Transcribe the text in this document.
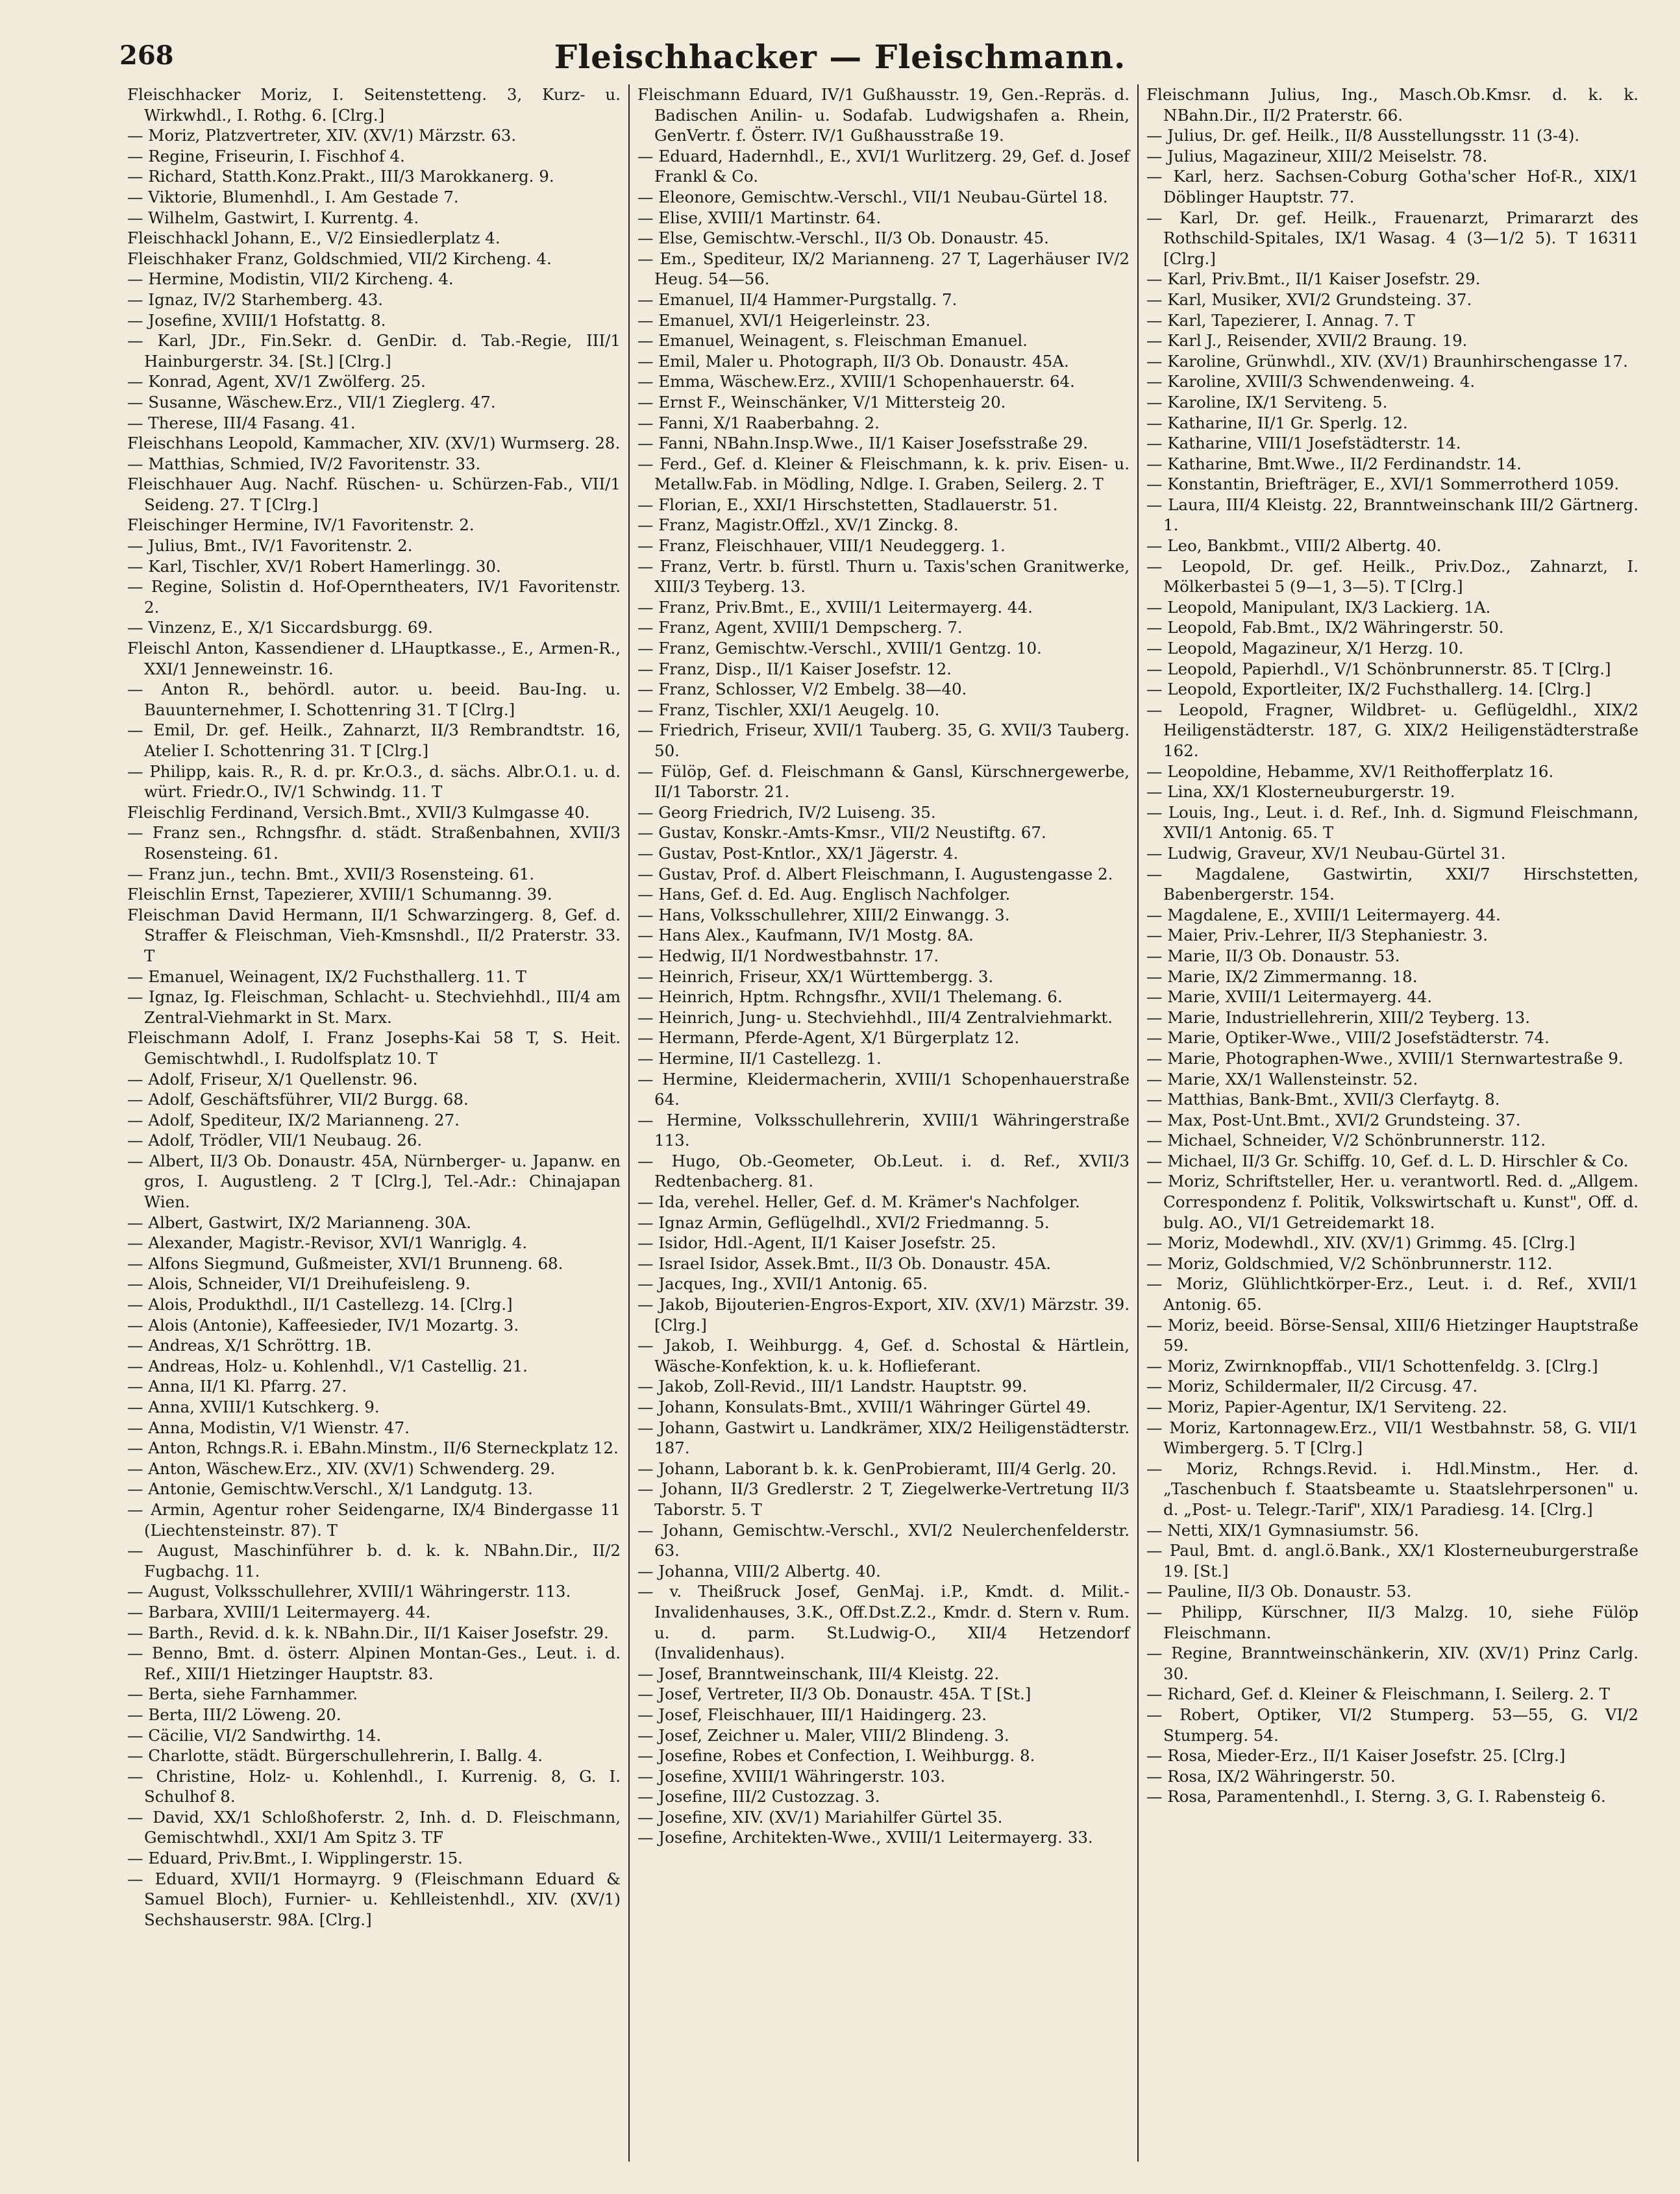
268	Fleischhacker — Fleischmann.
Fleischhacker Moriz, I. Seitenstetteng. 3, Kurz- u. Wirkwhdl., I. Rothg. 6. [Clrg.]
— Moriz, Platzvertreter, XIV. (XV/1) Märzstr. 63.
— Regine, Friseurin, I. Fischhof 4.
— Richard, Statth.Konz.Prakt., III/3 Marokkanerg. 9.
— Viktorie, Blumenhdl., I. Am Gestade 7.
— Wilhelm, Gastwirt, I. Kurrentg. 4.
Fleischhackl Johann, E., V/2 Einsiedlerplatz 4.
Fleischhaker Franz, Goldschmied, VII/2 Kircheng. 4.
— Hermine, Modistin, VII/2 Kircheng. 4.
— Ignaz, IV/2 Starhemberg. 43.
— Josefine, XVIII/1 Hofstattg. 8.
— Karl, JDr., Fin.Sekr. d. GenDir. d. Tab.-Regie, III/1 Hainburgerstr. 34. [St.] [Clrg.]
— Konrad, Agent, XV/1 Zwölferg. 25.
— Susanne, Wäschew.Erz., VII/1 Zieglerg. 47.
— Therese, III/4 Fasang. 41.
Fleischhans Leopold, Kammacher, XIV. (XV/1) Wurmserg. 28.
— Matthias, Schmied, IV/2 Favoritenstr. 33.
Fleischhauer Aug. Nachf. Rüschen- u. Schürzen-Fab., VII/1 Seideng. 27. T [Clrg.]
Fleischinger Hermine, IV/1 Favoritenstr. 2.
— Julius, Bmt., IV/1 Favoritenstr. 2.
— Karl, Tischler, XV/1 Robert Hamerlingg. 30.
— Regine, Solistin d. Hof-Operntheaters, IV/1 Favoritenstr. 2.
— Vinzenz, E., X/1 Siccardsburgg. 69.
Fleischl Anton, Kassendiener d. LHauptkasse., E., Armen-R., XXI/1 Jenneweinstr. 16.
— Anton R., behördl. autor. u. beeid. Bau-Ing. u. Bauunternehmer, I. Schottenring 31. T [Clrg.]
— Emil, Dr. gef. Heilk., Zahnarzt, II/3 Rembrandtstr. 16, Atelier I. Schottenring 31. T [Clrg.]
— Philipp, kais. R., R. d. pr. Kr.O.3., d. sächs. Albr.O.1. u. d. würt. Friedr.O., IV/1 Schwindg. 11. T
Fleischlig Ferdinand, Versich.Bmt., XVII/3 Kulmgasse 40.
— Franz sen., Rchngsfhr. d. städt. Straßenbahnen, XVII/3 Rosensteing. 61.
— Franz jun., techn. Bmt., XVII/3 Rosensteing. 61.
Fleischlin Ernst, Tapezierer, XVIII/1 Schumanng. 39.
Fleischman David Hermann, II/1 Schwarzingerg. 8, Gef. d. Straffer & Fleischman, Vieh-Kmsnshdl., II/2 Praterstr. 33. T
— Emanuel, Weinagent, IX/2 Fuchsthallerg. 11. T
— Ignaz, Ig. Fleischman, Schlacht- u. Stechviehhdl., III/4 am Zentral-Viehmarkt in St. Marx.
Fleischmann Adolf, I. Franz Josephs-Kai 58 T, S. Heit. Gemischtwhdl., I. Rudolfsplatz 10. T
— Adolf, Friseur, X/1 Quellenstr. 96.
— Adolf, Geschäftsführer, VII/2 Burgg. 68.
— Adolf, Spediteur, IX/2 Marianneng. 27.
— Adolf, Trödler, VII/1 Neubaug. 26.
— Albert, II/3 Ob. Donaustr. 45A, Nürnberger- u. Japanw. en gros, I. Augustleng. 2 T [Clrg.], Tel.-Adr.: Chinajapan Wien.
— Albert, Gastwirt, IX/2 Marianneng. 30A.
— Alexander, Magistr.-Revisor, XVI/1 Wanriglg. 4.
— Alfons Siegmund, Gußmeister, XVI/1 Brunneng. 68.
— Alois, Schneider, VI/1 Dreihufeisleng. 9.
— Alois, Produkthdl., II/1 Castellezg. 14. [Clrg.]
— Alois (Antonie), Kaffeesieder, IV/1 Mozartg. 3.
— Andreas, X/1 Schröttrg. 1B.
— Andreas, Holz- u. Kohlenhdl., V/1 Castellig. 21.
— Anna, II/1 Kl. Pfarrg. 27.
— Anna, XVIII/1 Kutschkerg. 9.
— Anna, Modistin, V/1 Wienstr. 47.
— Anton, Rchngs.R. i. EBahn.Minstm., II/6 Sterneckplatz 12.
— Anton, Wäschew.Erz., XIV. (XV/1) Schwenderg. 29.
— Antonie, Gemischtw.Verschl., X/1 Landgutg. 13.
— Armin, Agentur roher Seidengarne, IX/4 Bindergasse 11 (Liechtensteinstr. 87). T
— August, Maschinführer b. d. k. k. NBahn.Dir., II/2 Fugbachg. 11.
— August, Volksschullehrer, XVIII/1 Währingerstr. 113.
— Barbara, XVIII/1 Leitermayerg. 44.
— Barth., Revid. d. k. k. NBahn.Dir., II/1 Kaiser Josefstr. 29.
— Benno, Bmt. d. österr. Alpinen Montan-Ges., Leut. i. d. Ref., XIII/1 Hietzinger Hauptstr. 83.
— Berta, siehe Farnhammer.
— Berta, III/2 Löweng. 20.
— Cäcilie, VI/2 Sandwirthg. 14.
— Charlotte, städt. Bürgerschullehrerin, I. Ballg. 4.
— Christine, Holz- u. Kohlenhdl., I. Kurrenig. 8, G. I. Schulhof 8.
— David, XX/1 Schloßhoferstr. 2, Inh. d. D. Fleischmann, Gemischtwhdl., XXI/1 Am Spitz 3. TF
— Eduard, Priv.Bmt., I. Wipplingerstr. 15.
— Eduard, XVII/1 Hormayrg. 9 (Fleischmann Eduard & Samuel Bloch), Furnier- u. Kehlleistenhdl., XIV. (XV/1) Sechshauserstr. 98A. [Clrg.]
Fleischmann Eduard, IV/1 Gußhausstr. 19, Gen.-Repräs. d. Badischen Anilin- u. Sodafab. Ludwigshafen a. Rhein, GenVertr. f. Österr. IV/1 Gußhausstraße 19.
— Eduard, Hadernhdl., E., XVI/1 Wurlitzerg. 29, Gef. d. Josef Frankl & Co.
— Eleonore, Gemischtw.-Verschl., VII/1 Neubau-Gürtel 18.
— Elise, XVIII/1 Martinstr. 64.
— Else, Gemischtw.-Verschl., II/3 Ob. Donaustr. 45.
— Em., Spediteur, IX/2 Marianneng. 27 T, Lagerhäuser IV/2 Heug. 54—56.
— Emanuel, II/4 Hammer-Purgstallg. 7.
— Emanuel, XVI/1 Heigerleinstr. 23.
— Emanuel, Weinagent, s. Fleischman Emanuel.
— Emil, Maler u. Photograph, II/3 Ob. Donaustr. 45A.
— Emma, Wäschew.Erz., XVIII/1 Schopenhauerstr. 64.
— Ernst F., Weinschänker, V/1 Mittersteig 20.
— Fanni, X/1 Raaberbahng. 2.
— Fanni, NBahn.Insp.Wwe., II/1 Kaiser Josefsstraße 29.
— Ferd., Gef. d. Kleiner & Fleischmann, k. k. priv. Eisen- u. Metallw.Fab. in Mödling, Ndlge. I. Graben, Seilerg. 2. T
— Florian, E., XXI/1 Hirschstetten, Stadlauerstr. 51.
— Franz, Magistr.Offzl., XV/1 Zinckg. 8.
— Franz, Fleischhauer, VIII/1 Neudeggerg. 1.
— Franz, Vertr. b. fürstl. Thurn u. Taxis'schen Granitwerke, XIII/3 Teyberg. 13.
— Franz, Priv.Bmt., E., XVIII/1 Leitermayerg. 44.
— Franz, Agent, XVIII/1 Dempscherg. 7.
— Franz, Gemischtw.-Verschl., XVIII/1 Gentzg. 10.
— Franz, Disp., II/1 Kaiser Josefstr. 12.
— Franz, Schlosser, V/2 Embelg. 38—40.
— Franz, Tischler, XXI/1 Aeugelg. 10.
— Friedrich, Friseur, XVII/1 Tauberg. 35, G. XVII/3 Tauberg. 50.
— Fülöp, Gef. d. Fleischmann & Gansl, Kürschnergewerbe, II/1 Taborstr. 21.
— Georg Friedrich, IV/2 Luiseng. 35.
— Gustav, Konskr.-Amts-Kmsr., VII/2 Neustiftg. 67.
— Gustav, Post-Kntlor., XX/1 Jägerstr. 4.
— Gustav, Prof. d. Albert Fleischmann, I. Augustengasse 2.
— Hans, Gef. d. Ed. Aug. Englisch Nachfolger.
— Hans, Volksschullehrer, XIII/2 Einwangg. 3.
— Hans Alex., Kaufmann, IV/1 Mostg. 8A.
— Hedwig, II/1 Nordwestbahnstr. 17.
— Heinrich, Friseur, XX/1 Württembergg. 3.
— Heinrich, Hptm. Rchngsfhr., XVII/1 Thelemang. 6.
— Heinrich, Jung- u. Stechviehhdl., III/4 Zentralviehmarkt.
— Hermann, Pferde-Agent, X/1 Bürgerplatz 12.
— Hermine, II/1 Castellezg. 1.
— Hermine, Kleidermacherin, XVIII/1 Schopenhauerstraße 64.
— Hermine, Volksschullehrerin, XVIII/1 Währingerstraße 113.
— Hugo, Ob.-Geometer, Ob.Leut. i. d. Ref., XVII/3 Redtenbacherg. 81.
— Ida, verehel. Heller, Gef. d. M. Krämer's Nachfolger.
— Ignaz Armin, Geflügelhdl., XVI/2 Friedmanng. 5.
— Isidor, Hdl.-Agent, II/1 Kaiser Josefstr. 25.
— Israel Isidor, Assek.Bmt., II/3 Ob. Donaustr. 45A.
— Jacques, Ing., XVII/1 Antonig. 65.
— Jakob, Bijouterien-Engros-Export, XIV. (XV/1) Märzstr. 39. [Clrg.]
— Jakob, I. Weihburgg. 4, Gef. d. Schostal & Härtlein, Wäsche-Konfektion, k. u. k. Hoflieferant.
— Jakob, Zoll-Revid., III/1 Landstr. Hauptstr. 99.
— Johann, Konsulats-Bmt., XVIII/1 Währinger Gürtel 49.
— Johann, Gastwirt u. Landkrämer, XIX/2 Heiligenstädterstr. 187.
— Johann, Laborant b. k. k. GenProbieramt, III/4 Gerlg. 20.
— Johann, II/3 Gredlerstr. 2 T, Ziegelwerke-Vertretung II/3 Taborstr. 5. T
— Johann, Gemischtw.-Verschl., XVI/2 Neulerchenfelderstr. 63.
— Johanna, VIII/2 Albertg. 40.
— v. Theißruck Josef, GenMaj. i.P., Kmdt. d. Milit.-Invalidenhauses, 3.K., Off.Dst.Z.2., Kmdr. d. Stern v. Rum. u. d. parm. St.Ludwig-O., XII/4 Hetzendorf (Invalidenhaus).
— Josef, Branntweinschank, III/4 Kleistg. 22.
— Josef, Vertreter, II/3 Ob. Donaustr. 45A. T [St.]
— Josef, Fleischhauer, III/1 Haidingerg. 23.
— Josef, Zeichner u. Maler, VIII/2 Blindeng. 3.
— Josefine, Robes et Confection, I. Weihburgg. 8.
— Josefine, XVIII/1 Währingerstr. 103.
— Josefine, III/2 Custozzag. 3.
— Josefine, XIV. (XV/1) Mariahilfer Gürtel 35.
— Josefine, Architekten-Wwe., XVIII/1 Leitermayerg. 33.
Fleischmann Julius, Ing., Masch.Ob.Kmsr. d. k. k. NBahn.Dir., II/2 Praterstr. 66.
— Julius, Dr. gef. Heilk., II/8 Ausstellungsstr. 11 (3-4).
— Julius, Magazineur, XIII/2 Meiselstr. 78.
— Karl, herz. Sachsen-Coburg Gotha'scher Hof-R., XIX/1 Döblinger Hauptstr. 77.
— Karl, Dr. gef. Heilk., Frauenarzt, Primararzt des Rothschild-Spitales, IX/1 Wasag. 4 (3—1/2 5). T 16311 [Clrg.]
— Karl, Priv.Bmt., II/1 Kaiser Josefstr. 29.
— Karl, Musiker, XVI/2 Grundsteing. 37.
— Karl, Tapezierer, I. Annag. 7. T
— Karl J., Reisender, XVII/2 Braung. 19.
— Karoline, Grünwhdl., XIV. (XV/1) Braunhirschengasse 17.
— Karoline, XVIII/3 Schwendenweing. 4.
— Karoline, IX/1 Serviteng. 5.
— Katharine, II/1 Gr. Sperlg. 12.
— Katharine, VIII/1 Josefstädterstr. 14.
— Katharine, Bmt.Wwe., II/2 Ferdinandstr. 14.
— Konstantin, Briefträger, E., XVI/1 Sommerrotherd 1059.
— Laura, III/4 Kleistg. 22, Branntweinschank III/2 Gärtnerg. 1.
— Leo, Bankbmt., VIII/2 Albertg. 40.
— Leopold, Dr. gef. Heilk., Priv.Doz., Zahnarzt, I. Mölkerbastei 5 (9—1, 3—5). T [Clrg.]
— Leopold, Manipulant, IX/3 Lackierg. 1A.
— Leopold, Fab.Bmt., IX/2 Währingerstr. 50.
— Leopold, Magazineur, X/1 Herzg. 10.
— Leopold, Papierhdl., V/1 Schönbrunnerstr. 85. T [Clrg.]
— Leopold, Exportleiter, IX/2 Fuchsthallerg. 14. [Clrg.]
— Leopold, Fragner, Wildbret- u. Geflügeldhl., XIX/2 Heiligenstädterstr. 187, G. XIX/2 Heiligenstädterstraße 162.
— Leopoldine, Hebamme, XV/1 Reithofferplatz 16.
— Lina, XX/1 Klosterneuburgerstr. 19.
— Louis, Ing., Leut. i. d. Ref., Inh. d. Sigmund Fleischmann, XVII/1 Antonig. 65. T
— Ludwig, Graveur, XV/1 Neubau-Gürtel 31.
— Magdalene, Gastwirtin, XXI/7 Hirschstetten, Babenbergerstr. 154.
— Magdalene, E., XVIII/1 Leitermayerg. 44.
— Maier, Priv.-Lehrer, II/3 Stephaniestr. 3.
— Marie, II/3 Ob. Donaustr. 53.
— Marie, IX/2 Zimmermanng. 18.
— Marie, XVIII/1 Leitermayerg. 44.
— Marie, Industriellehrerin, XIII/2 Teyberg. 13.
— Marie, Optiker-Wwe., VIII/2 Josefstädterstr. 74.
— Marie, Photographen-Wwe., XVIII/1 Sternwartestraße 9.
— Marie, XX/1 Wallensteinstr. 52.
— Matthias, Bank-Bmt., XVII/3 Clerfaytg. 8.
— Max, Post-Unt.Bmt., XVI/2 Grundsteing. 37.
— Michael, Schneider, V/2 Schönbrunnerstr. 112.
— Michael, II/3 Gr. Schiffg. 10, Gef. d. L. D. Hirschler & Co.
— Moriz, Schriftsteller, Her. u. verantwortl. Red. d. „Allgem. Correspondenz f. Politik, Volkswirtschaft u. Kunst", Off. d. bulg. AO., VI/1 Getreidemarkt 18.
— Moriz, Modewhdl., XIV. (XV/1) Grimmg. 45. [Clrg.]
— Moriz, Goldschmied, V/2 Schönbrunnerstr. 112.
— Moriz, Glühlichtkörper-Erz., Leut. i. d. Ref., XVII/1 Antonig. 65.
— Moriz, beeid. Börse-Sensal, XIII/6 Hietzinger Hauptstraße 59.
— Moriz, Zwirnknopffab., VII/1 Schottenfeldg. 3. [Clrg.]
— Moriz, Schildermaler, II/2 Circusg. 47.
— Moriz, Papier-Agentur, IX/1 Serviteng. 22.
— Moriz, Kartonnagew.Erz., VII/1 Westbahnstr. 58, G. VII/1 Wimbergerg. 5. T [Clrg.]
— Moriz, Rchngs.Revid. i. Hdl.Minstm., Her. d. „Taschenbuch f. Staatsbeamte u. Staatslehrpersonen" u. d. „Post- u. Telegr.-Tarif", XIX/1 Paradiesg. 14. [Clrg.]
— Netti, XIX/1 Gymnasiumstr. 56.
— Paul, Bmt. d. angl.ö.Bank., XX/1 Klosterneuburgerstraße 19. [St.]
— Pauline, II/3 Ob. Donaustr. 53.
— Philipp, Kürschner, II/3 Malzg. 10, siehe Fülöp Fleischmann.
— Regine, Branntweinschänkerin, XIV. (XV/1) Prinz Carlg. 30.
— Richard, Gef. d. Kleiner & Fleischmann, I. Seilerg. 2. T
— Robert, Optiker, VI/2 Stumperg. 53—55, G. VI/2 Stumperg. 54.
— Rosa, Mieder-Erz., II/1 Kaiser Josefstr. 25. [Clrg.]
— Rosa, IX/2 Währingerstr. 50.
— Rosa, Paramentenhdl., I. Sterng. 3, G. I. Rabensteig 6.
